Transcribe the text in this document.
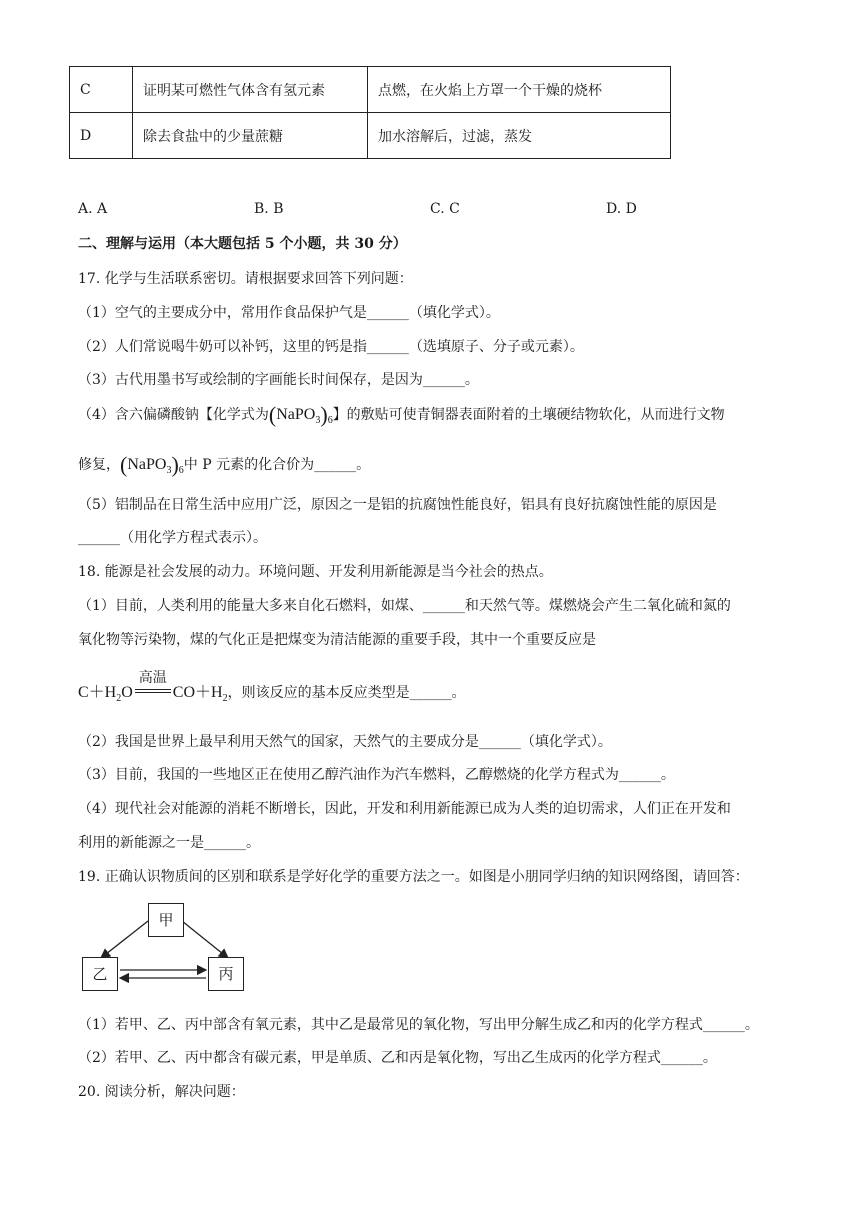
C	证明某可燃性气体含有氢元素	点燃，在火焰上方罩一个干燥的烧杯
D	除去食盐中的少量蔗糖	加水溶解后，过滤，蒸发
A. A	B. B	C. C	D. D
二、理解与运用（本大题包括 5 个小题，共 30 分）
17. 化学与生活联系密切。请根据要求回答下列问题：
（1）空气的主要成分中，常用作食品保护气是______（填化学式）。
（2）人们常说喝牛奶可以补钙，这里的钙是指______（选填原子、分子或元素）。
（3）古代用墨书写或绘制的字画能长时间保存，是因为______。
（4）含六偏磷酸钠【化学式为$(NaPO_3)_6$】的敷贴可使青铜器表面附着的土壤硬结物软化，从而进行文物
修复，$(NaPO_3)_6$中 P 元素的化合价为______。
（5）铝制品在日常生活中应用广泛，原因之一是铝的抗腐蚀性能良好，铝具有良好抗腐蚀性能的原因是
______（用化学方程式表示）。
18. 能源是社会发展的动力。环境问题、开发利用新能源是当今社会的热点。
（1）目前，人类利用的能量大多来自化石燃料，如煤、______和天然气等。煤燃烧会产生二氧化硫和氮的
氧化物等污染物，煤的气化正是把煤变为清洁能源的重要手段，其中一个重要反应是
$C+H_2O$
高温
$CO+H_2$，则该反应的基本反应类型是______。
（2）我国是世界上最早利用天然气的国家，天然气的主要成分是______（填化学式）。
（3）目前，我国的一些地区正在使用乙醇汽油作为汽车燃料，乙醇燃烧的化学方程式为______。
（4）现代社会对能源的消耗不断增长，因此，开发和利用新能源已成为人类的迫切需求，人们正在开发和
利用的新能源之一是______。
19. 正确认识物质间的区别和联系是学好化学的重要方法之一。如图是小朋同学归纳的知识网络图，请回答：
甲
乙	丙
（1）若甲、乙、丙中部含有氧元素，其中乙是最常见的氧化物，写出甲分解生成乙和丙的化学方程式______。
（2）若甲、乙、丙中都含有碳元素，甲是单质、乙和丙是氧化物，写出乙生成丙的化学方程式______。
20. 阅读分析，解决问题：
